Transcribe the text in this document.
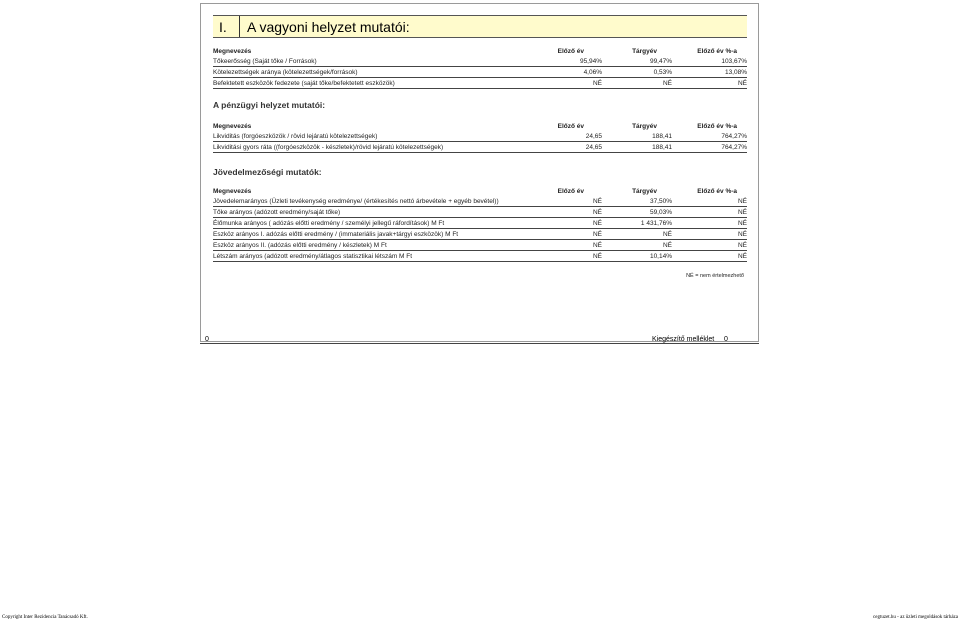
I. A vagyoni helyzet mutatói:
Megnevezés	Előző év	Tárgyév	Előző év %-a
Tőkeerősség (Saját tőke / Források)	95,94%	99,47%	103,67%
Kötelezettségek aránya (kötelezettségek/források)	4,06%	0,53%	13,08%
Befektetett eszközök fedezete (saját tőke/befektetett eszközök)	NÉ	NÉ	NÉ
A pénzügyi helyzet mutatói:
Megnevezés	Előző év	Tárgyév	Előző év %-a
Likviditás (forgóeszközök / rövid lejáratú kötelezettségek)	24,65	188,41	764,27%
Likviditási gyors ráta ((forgóeszközök - készletek)/rövid lejáratú kötelezettségek)	24,65	188,41	764,27%
Jövedelmezőségi mutatók:
Megnevezés	Előző év	Tárgyév	Előző év %-a
Jövedelemarányos (Üzleti tevékenység eredménye/ (értékesítés nettó árbevétele + egyéb bevétel))	NÉ	37,50%	NÉ
Tőke arányos (adózott eredmény/saját tőke)	NÉ	59,03%	NÉ
Élőmunka arányos ( adózás előtti eredmény / személyi jellegű ráfordítások) M Ft	NÉ	1 431,76%	NÉ
Eszköz arányos I. adózás előtti eredmény / (immateriális javak+tárgyi eszközök) M Ft	NÉ	NÉ	NÉ
Eszköz arányos II. (adózás előtti eredmény / készletek) M Ft	NÉ	NÉ	NÉ
Létszám arányos (adózott eredmény/átlagos statisztikai létszám M Ft	NÉ	10,14%	NÉ
NÉ = nem értelmezhető
0	Kiegészítő melléklet 0
Copyright Inter Rezidencia Tanácsadó Kft.	cegtuzet.hu - az üzleti megoldások tárháza
